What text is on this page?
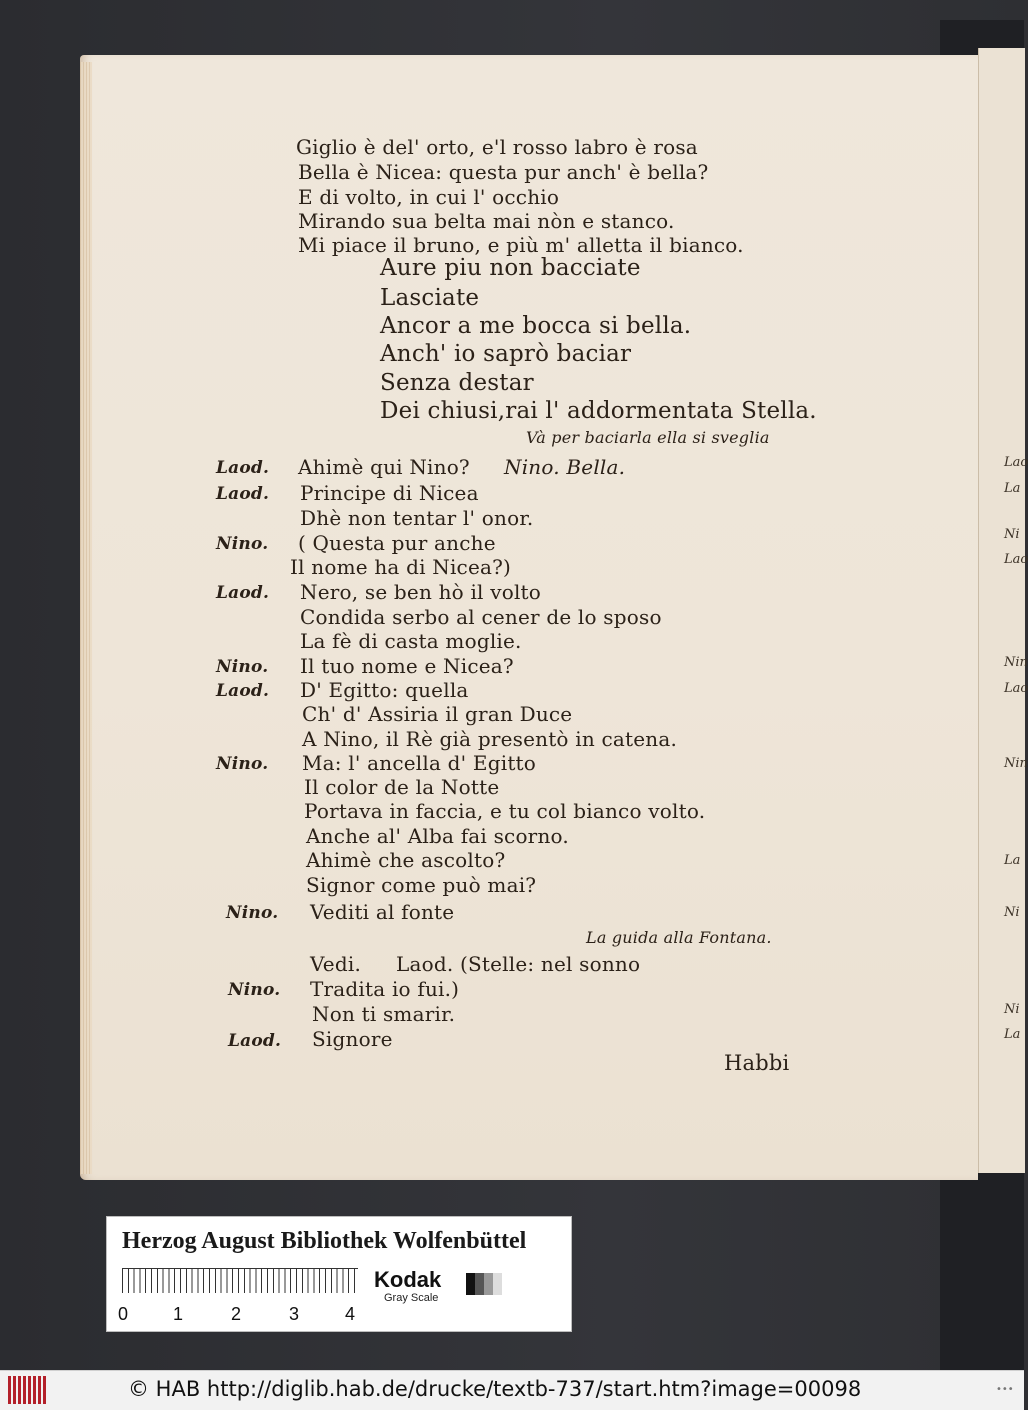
Lao
La
Ni
Lao
Nin
Lao
Nin
La
Ni
Ni
La
Giglio è del' orto, e'l rosso labro è rosa
Bella è Nicea: questa pur anch' è bella?
E di volto, in cui l' occhio
Mirando sua belta mai nòn e stanco.
Mi piace il bruno, e più m' alletta il bianco.
Aure piu non bacciate
Lasciate
Ancor a me bocca si bella.
Anch' io saprò baciar
Senza destar
Dei chiusi,rai l' addormentata Stella.
Và per baciarla ella si sveglia
Laod. Ahimè qui Nino?
Laod. Principe di Nicea
Dhè non tentar l' onor.
Nino. ( Questa pur anche
Il nome ha di Nicea?)
Laod. Nero, se ben hò il volto
Condida serbo al cener de lo sposo
La fè di casta moglie.
Nino. Il tuo nome e Nicea?
Laod. D' Egitto: quella
Ch' d' Assiria il gran Duce
A Nino, il Rè già presentò in catena.
Nino. Ma: l' ancella d' Egitto
Il color de la Notte
Portava in faccia, e tu col bianco volto.
Anche al' Alba fai scorno.
Ahimè che ascolto?
Signor come può mai?
Nino. Vediti al fonte
Nino. Bella.
La guida alla Fontana.
Vedi. Laod. (Stelle: nel sonno
Nino. Tradita io fui.)
Non ti smarir.
Laod. Signore
Habbi
Herzog August Bibliothek Wolfenbüttel
0 1	2	3	4
Kodak
Gray Scale
© HAB http://diglib.hab.de/drucke/textb-737/start.htm?image=00098	•••
